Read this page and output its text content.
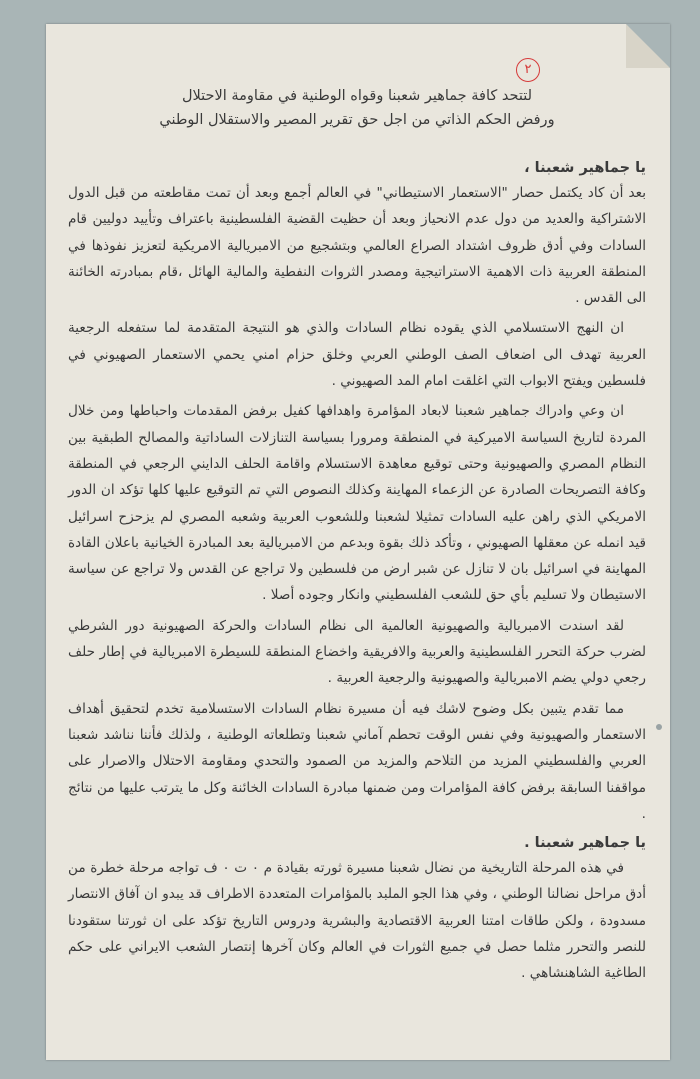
٢
لتتحد كافة جماهير شعبنا وقواه الوطنية في مقاومة الاحتلال
ورفض الحكم الذاتي من اجل حق تقرير المصير والاستقلال الوطني
يا جماهير شعبنا ،
بعد أن كاد يكتمل حصار "الاستعمار الاستيطاني" في العالم أجمع وبعد أن تمت مقاطعته من قبل الدول الاشتراكية والعديد من دول عدم الانحياز وبعد أن حظيت القضية الفلسطينية باعتراف وتأييد دوليين قام السادات وفي أدق ظروف اشتداد الصراع العالمي وبتشجيع من الامبريالية الامريكية لتعزيز نفوذها في المنطقة العربية ذات الاهمية الاستراتيجية ومصدر الثروات النفطية والمالية الهائل ،قام بمبادرته الخائنة الى القدس .
ان النهج الاستسلامي الذي يقوده نظام السادات والذي هو النتيجة المتقدمة لما ستفعله الرجعية العربية تهدف الى اضعاف الصف الوطني العربي وخلق حزام امني يحمي الاستعمار الصهيوني في فلسطين ويفتح الابواب التي اغلقت امام المد الصهيوني .
ان وعي وادراك جماهير شعبنا لابعاد المؤامرة واهدافها كفيل برفض المقدمات واحباطها ومن خلال المردة لتاريخ السياسة الاميركية في المنطقة ومرورا بسياسة التنازلات الساداتية والمصالح الطبقية بين النظام المصري والصهيونية وحتى توقيع معاهدة الاستسلام واقامة الحلف الدايني الرجعي في المنطقة وكافة التصريحات الصادرة عن الزعماء المهاينة وكذلك النصوص التي تم التوقيع عليها كلها تؤكد ان الدور الامريكي الذي راهن عليه السادات تمثيلا لشعبنا وللشعوب العربية وشعبه المصري لم يزحزح اسرائيل قيد انمله عن معقلها الصهيوني ، وتأكد ذلك بقوة وبدعم من الامبريالية بعد المبادرة الخيانية باعلان القادة المهاينة في اسرائيل بان لا تنازل عن شبر ارض من فلسطين ولا تراجع عن القدس ولا تراجع عن سياسة الاستيطان ولا تسليم بأي حق للشعب الفلسطيني وانكار وجوده أصلا .
لقد اسندت الامبريالية والصهيونية العالمية الى نظام السادات والحركة الصهيونية دور الشرطي لضرب حركة التحرر الفلسطينية والعربية والافريقية واخضاع المنطقة للسيطرة الامبريالية في إطار حلف رجعي دولي يضم الامبريالية والصهيونية والرجعية العربية .
مما تقدم يتبين بكل وضوح لاشك فيه أن مسيرة نظام السادات الاستسلامية تخدم لتحقيق أهداف الاستعمار والصهيونية وفي نفس الوقت تحطم آماني شعبنا وتطلعاته الوطنية ، ولذلك فأننا نناشد شعبنا العربي والفلسطيني المزيد من التلاحم والمزيد من الصمود والتحدي ومقاومة الاحتلال والاصرار على مواقفنا السابقة برفض كافة المؤامرات ومن ضمنها مبادرة السادات الخائنة وكل ما يترتب عليها من نتائج .
يا جماهير شعبنا .
في هذه المرحلة التاريخية من نضال شعبنا مسيرة ثورته بقيادة م ٠ ت ٠ ف تواجه مرحلة خطرة من أدق مراحل نضالنا الوطني ، وفي هذا الجو الملبد بالمؤامرات المتعددة الاطراف قد يبدو ان آفاق الانتصار مسدودة ، ولكن طاقات امتنا العربية الاقتصادية والبشرية ودروس التاريخ تؤكد على ان ثورتنا ستقودنا للنصر والتحرر مثلما حصل في جميع الثورات في العالم وكان آخرها إنتصار الشعب الايراني على حكم الطاغية الشاهنشاهي .
